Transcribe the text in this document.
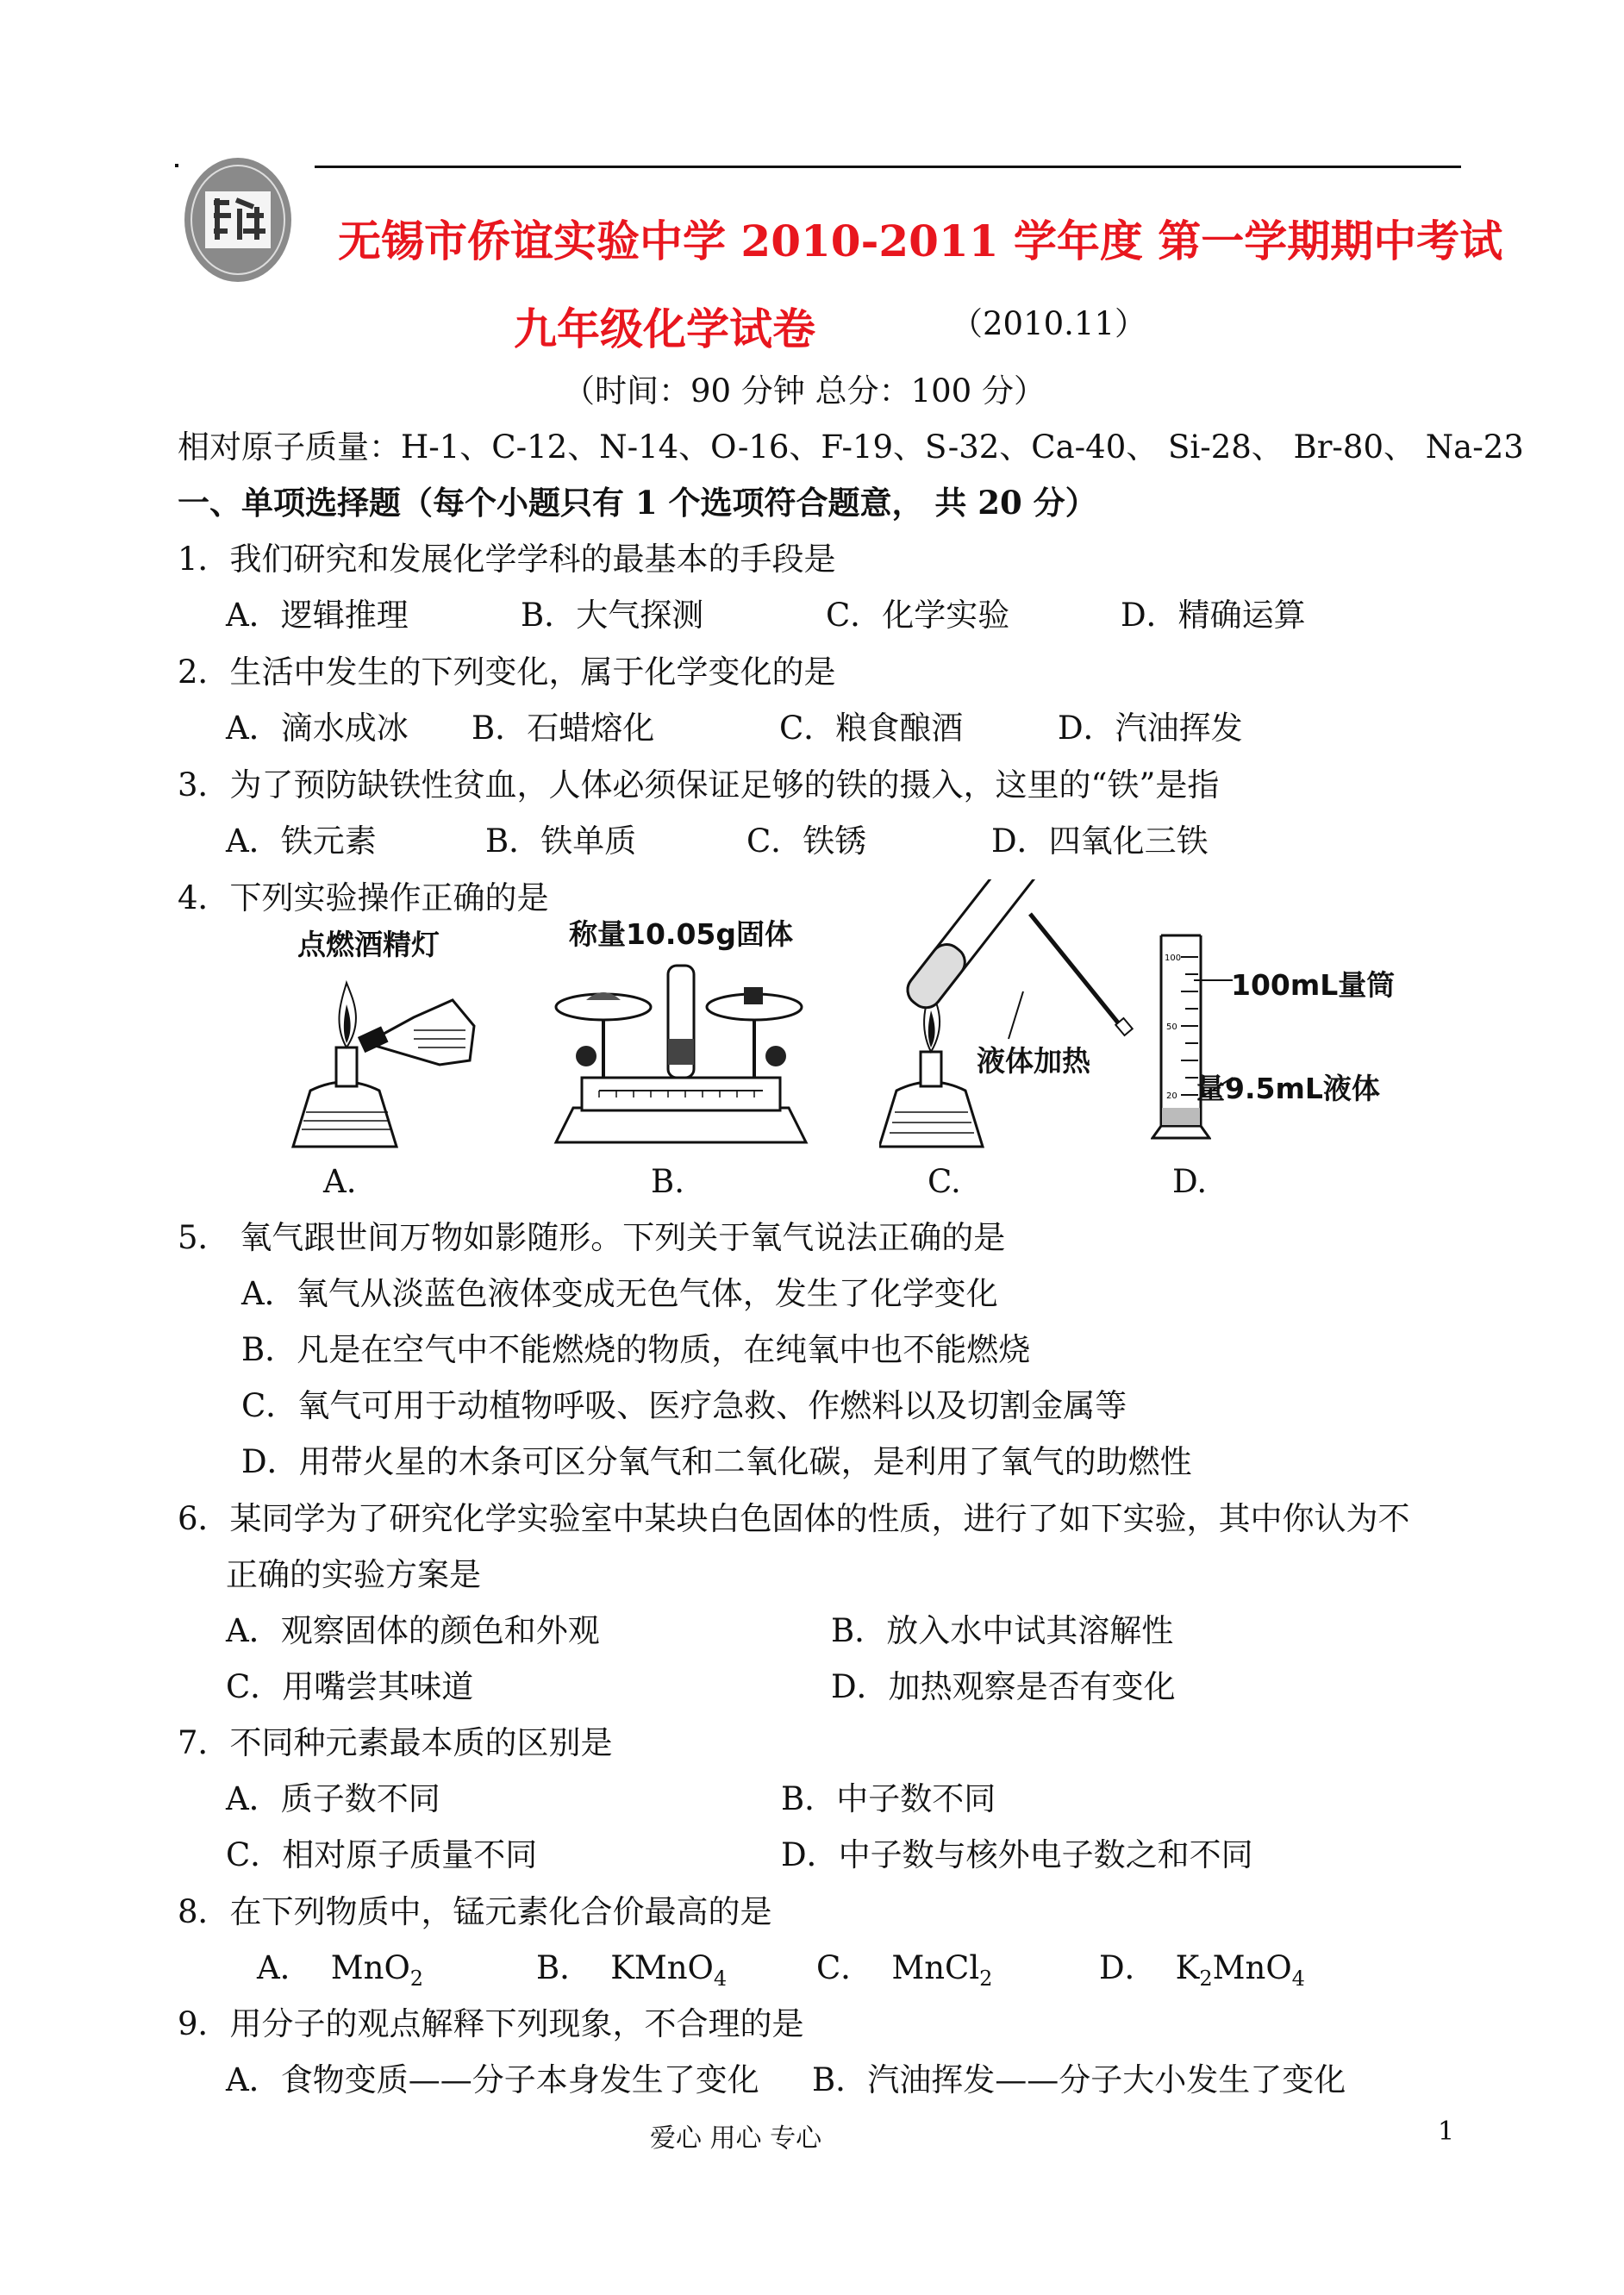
无锡市侨谊实验中学 2010-2011 学年度 第一学期期中考试
九年级化学试卷	（2010.11）
（时间：90 分钟 总分：100 分）
相对原子质量：H-1、C-12、N-14、O-16、F-19、S-32、Ca-40、 Si-28、 Br-80、 Na-23
一、单项选择题（每个小题只有 1 个选项符合题意， 共 20 分）
1．我们研究和发展化学学科的最基本的手段是
A．逻辑推理	B．大气探测	C．化学实验	D．精确运算
2．生活中发生的下列变化，属于化学变化的是
A．滴水成冰 B．石蜡熔化	C．粮食酿酒	D．汽油挥发
3．为了预防缺铁性贫血，人体必须保证足够的铁的摄入，这里的“铁”是指
A．铁元素	B．铁单质	C．铁锈	D．四氧化三铁
4．下列实验操作正确的是
点燃酒精灯	称量10.05g固体
液体加热
100mL量筒
量9.5mL液体
100
50
20
A.	B.	C.	D.
5． 氧气跟世间万物如影随形。下列关于氧气说法正确的是
A．氧气从淡蓝色液体变成无色气体，发生了化学变化
B．凡是在空气中不能燃烧的物质，在纯氧中也不能燃烧
C．氧气可用于动植物呼吸、医疗急救、作燃料以及切割金属等
D．用带火星的木条可区分氧气和二氧化碳，是利用了氧气的助燃性
6．某同学为了研究化学实验室中某块白色固体的性质，进行了如下实验，其中你认为不
正确的实验方案是
A．观察固体的颜色和外观	B．放入水中试其溶解性
C．用嘴尝其味道	D．加热观察是否有变化
7．不同种元素最本质的区别是
A．质子数不同	B．中子数不同
C．相对原子质量不同	D．中子数与核外电子数之和不同
8．在下列物质中，锰元素化合价最高的是
A． MnO$_2$	B． KMnO$_4$	C． MnCl$_2$	D． $K_2MnO_4$
9．用分子的观点解释下列现象，不合理的是
A．食物变质——分子本身发生了变化 B．汽油挥发——分子大小发生了变化
爱心 用心 专心	1
